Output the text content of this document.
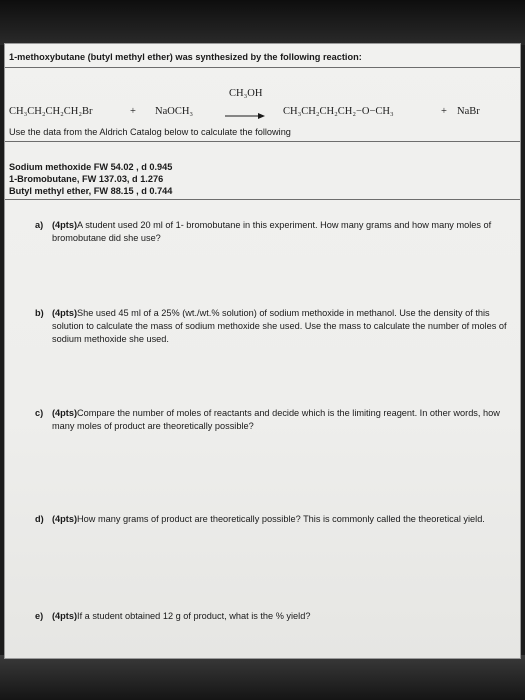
1-methoxybutane (butyl methyl ether) was synthesized by the following reaction:
CH₃OH
CH₃CH₂CH₂CH₂Br	+ NaOCH₃ → CH₃CH₂CH₂CH₂−O−CH₃	+ NaBr
Use the data from the Aldrich Catalog below to calculate the following
Sodium methoxide FW 54.02 , d 0.945
1-Bromobutane, FW 137.03, d 1.276
Butyl methyl ether, FW 88.15 , d 0.744
a) (4pts)A student used 20 ml of 1- bromobutane in this experiment. How many grams and how many moles of bromobutane did she use?
b) (4pts)She used 45 ml of a 25% (wt./wt.% solution) of sodium methoxide in methanol. Use the density of this solution to calculate the mass of sodium methoxide she used. Use the mass to calculate the number of moles of sodium methoxide she used.
c) (4pts)Compare the number of moles of reactants and decide which is the limiting reagent. In other words, how many moles of product are theoretically possible?
d) (4pts)How many grams of product are theoretically possible? This is commonly called the theoretical yield.
e) (4pts)If a student obtained 12 g of product, what is the % yield?
